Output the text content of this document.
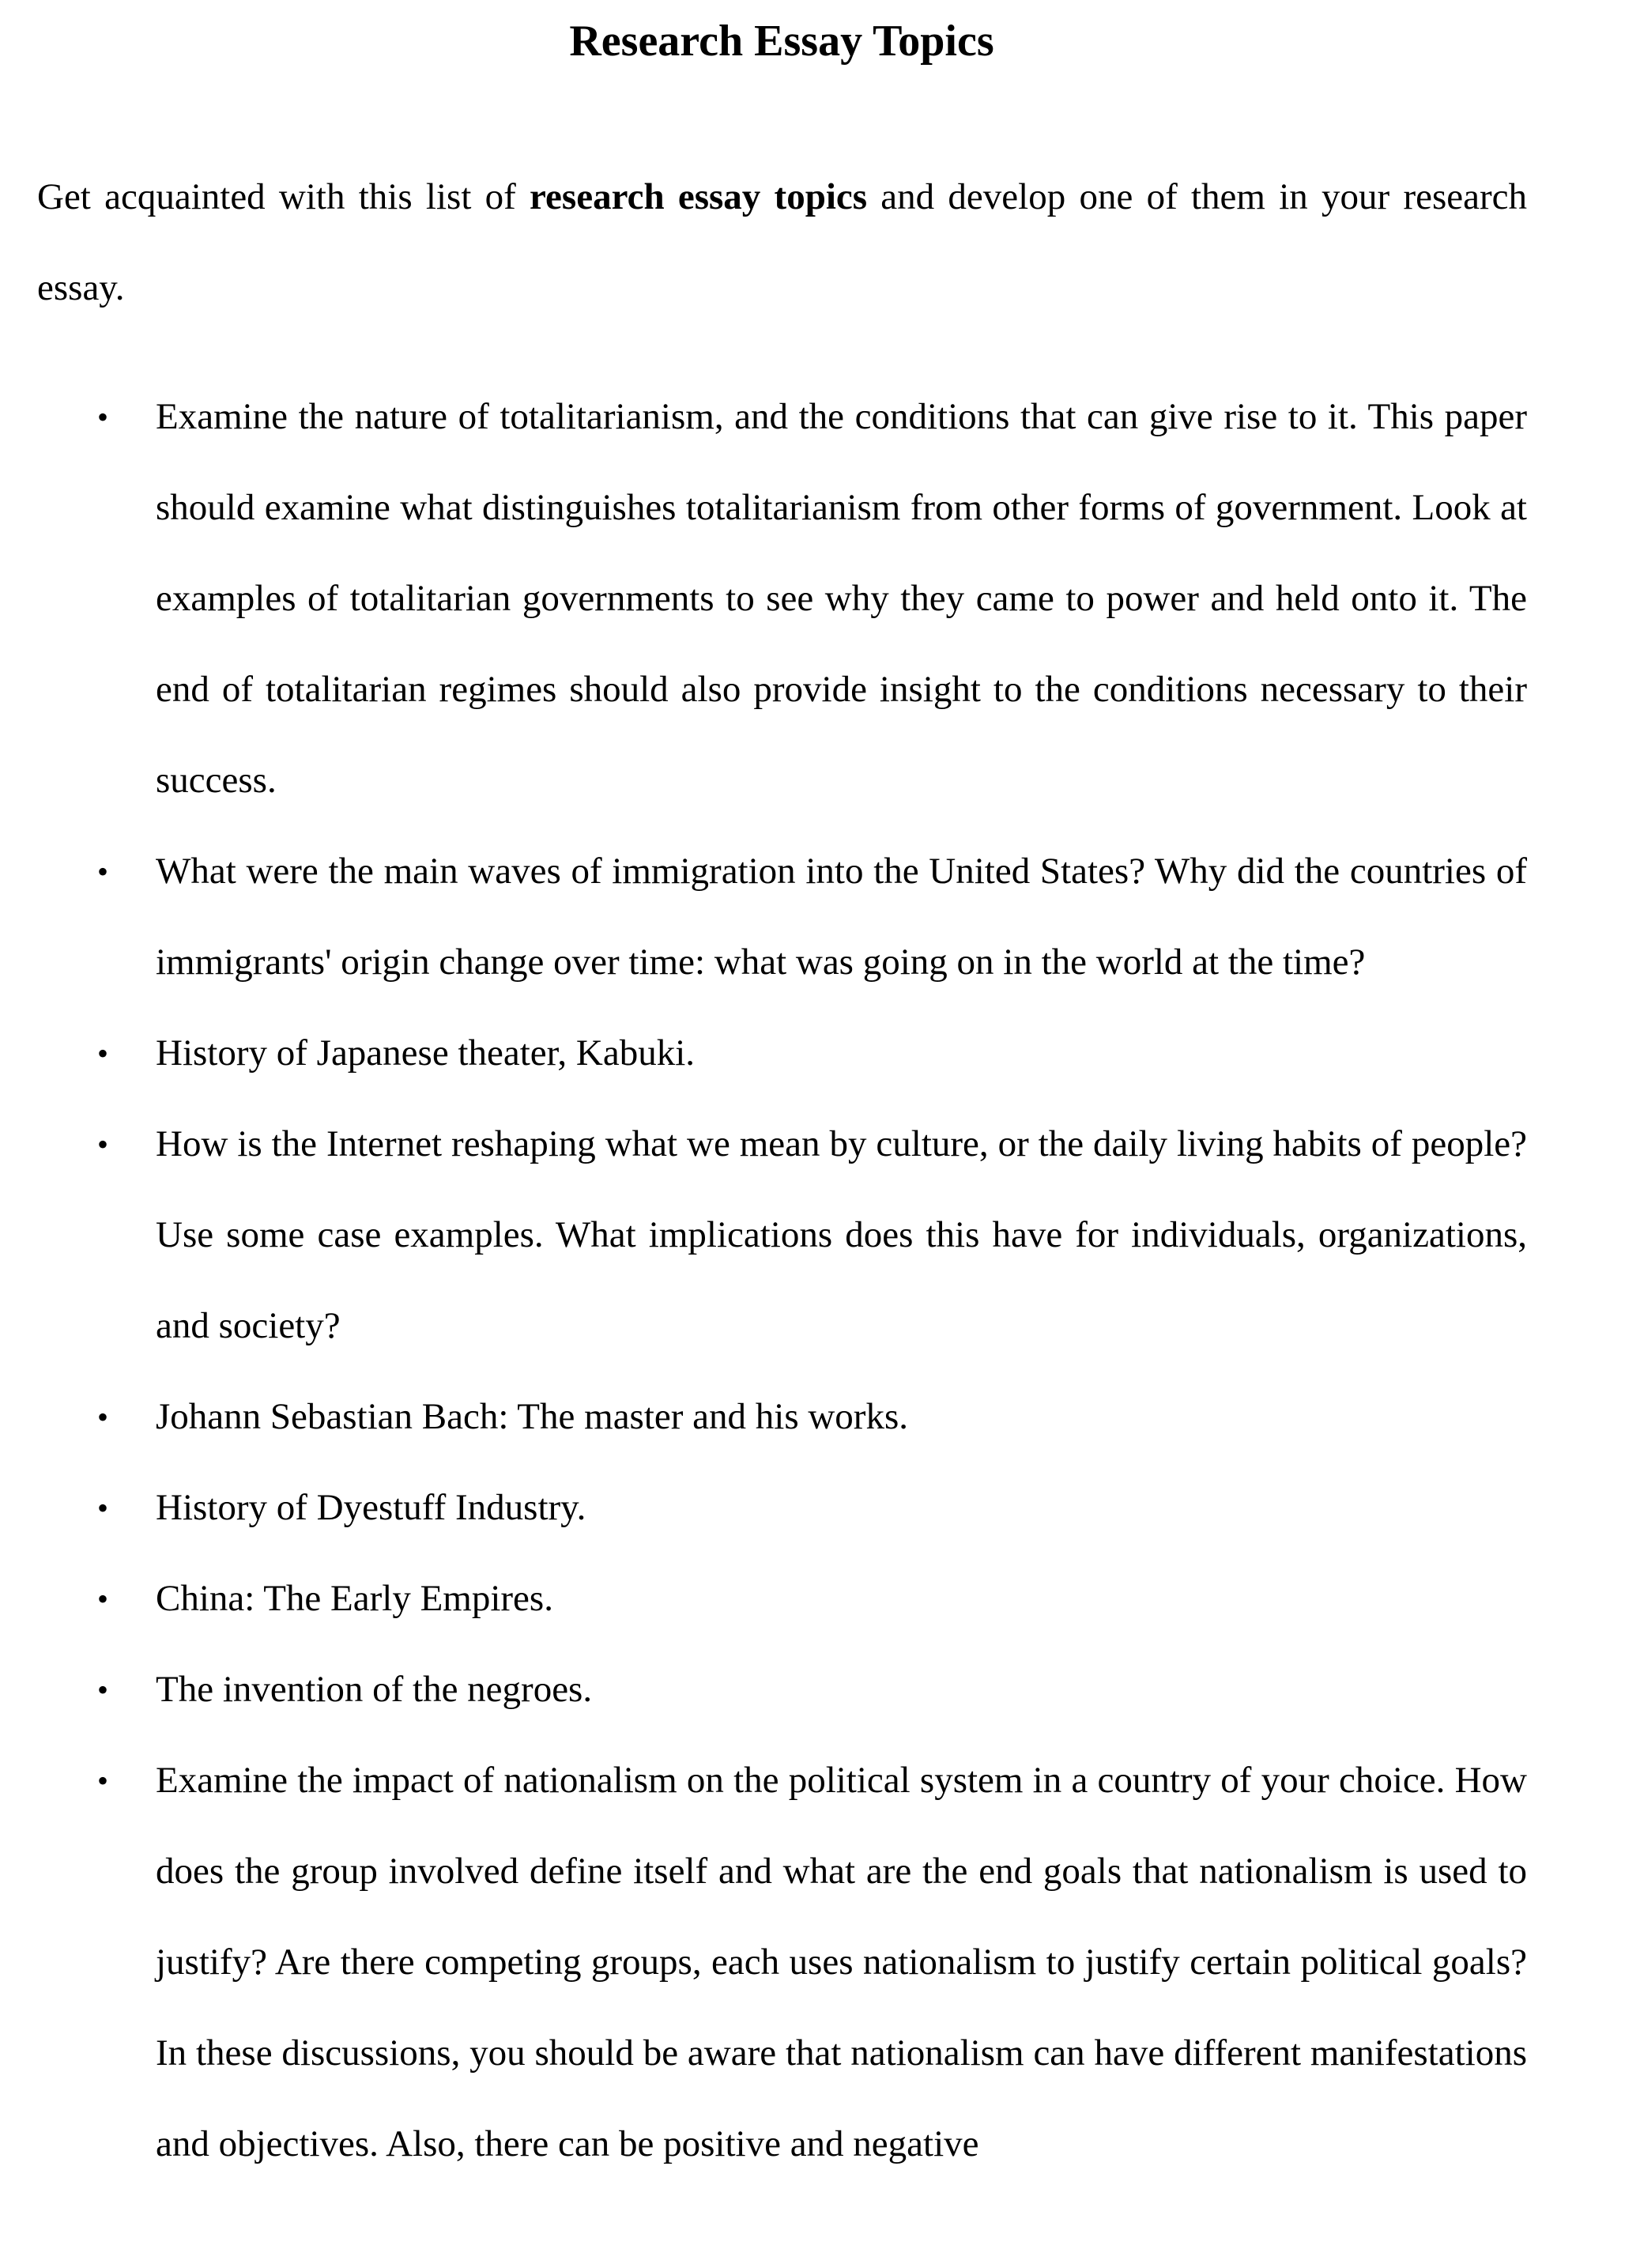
Research Essay Topics

Get acquainted with this list of research essay topics and develop one of them in your research essay.

• Examine the nature of totalitarianism, and the conditions that can give rise to it. This paper should examine what distinguishes totalitarianism from other forms of government. Look at examples of totalitarian governments to see why they came to power and held onto it. The end of totalitarian regimes should also provide insight to the conditions necessary to their success.
• What were the main waves of immigration into the United States? Why did the countries of immigrants' origin change over time: what was going on in the world at the time?
• History of Japanese theater, Kabuki.
• How is the Internet reshaping what we mean by culture, or the daily living habits of people? Use some case examples. What implications does this have for individuals, organizations, and society?
• Johann Sebastian Bach: The master and his works.
• History of Dyestuff Industry.
• China: The Early Empires.
• The invention of the negroes.
• Examine the impact of nationalism on the political system in a country of your choice. How does the group involved define itself and what are the end goals that nationalism is used to justify? Are there competing groups, each uses nationalism to justify certain political goals? In these discussions, you should be aware that nationalism can have different manifestations and objectives. Also, there can be positive and negative
